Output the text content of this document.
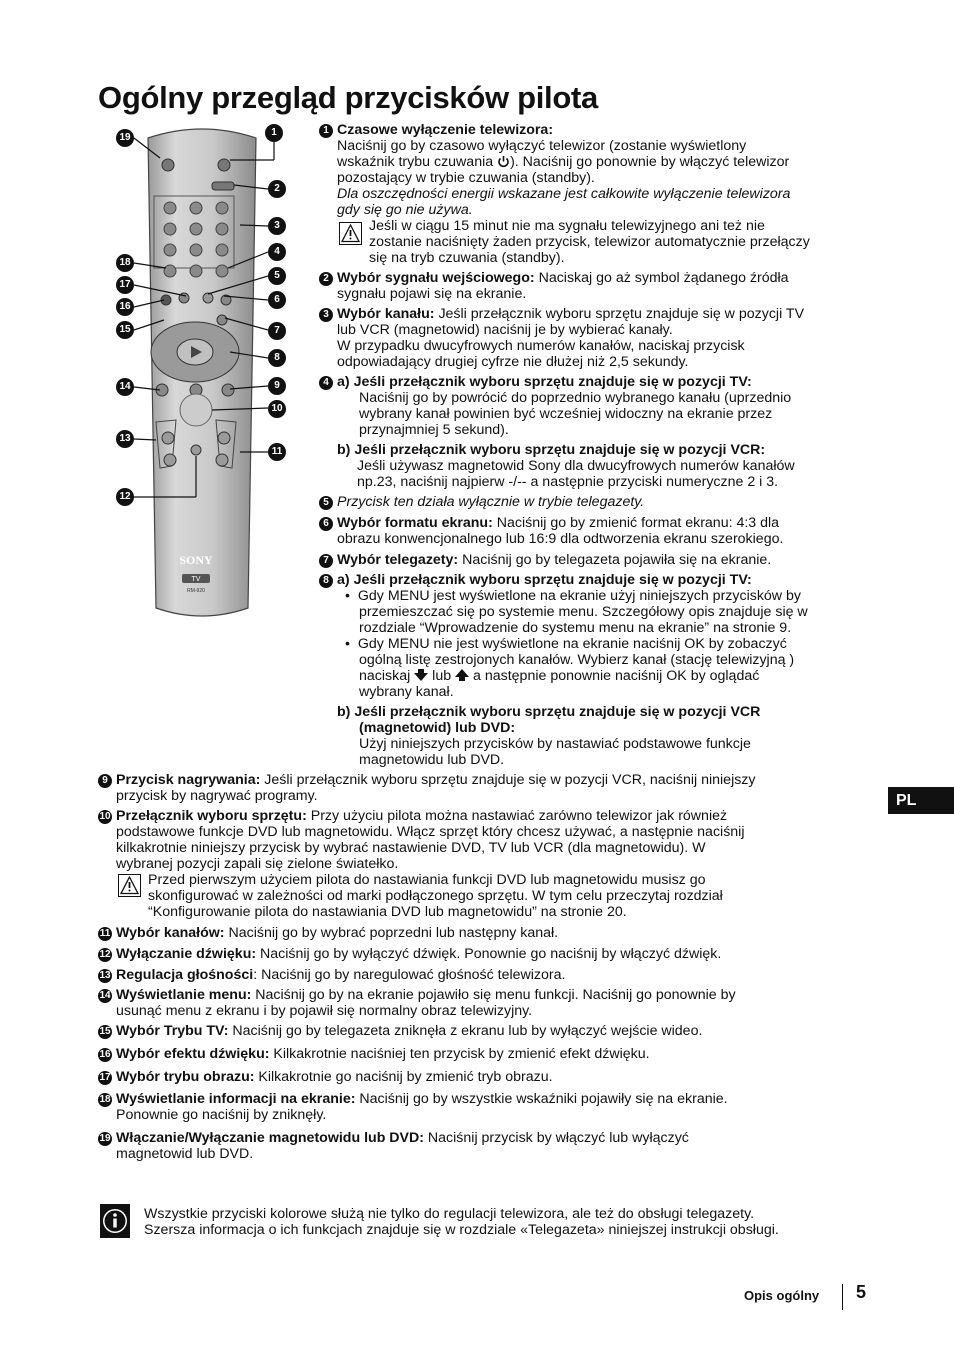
Ogólny przegląd przycisków pilota
SONY
TV
RM-920
19
18
17
16
15
14
13
12
1
2
3
4
5
6
7
8
9
10
11
1 Czasowe wyłączenie telewizora:
Naciśnij go by czasowo wyłączyć telewizor (zostanie wyświetlony
wskaźnik trybu czuwania ). Naciśnij go ponownie by włączyć telewizor
pozostający w trybie czuwania (standby).
Dla oszczędności energii wskazane jest całkowite wyłączenie telewizora
gdy się go nie używa.
Jeśli w ciągu 15 minut nie ma sygnału telewizyjnego ani też nie
zostanie naciśnięty żaden przycisk, telewizor automatycznie przełączy
się na tryb czuwania (standby).
2 Wybór sygnału wejściowego: Naciskaj go aż symbol żądanego źródła
sygnału pojawi się na ekranie.
3 Wybór kanału: Jeśli przełącznik wyboru sprzętu znajduje się w pozycji TV
lub VCR (magnetowid) naciśnij je by wybierać kanały.
W przypadku dwucyfrowych numerów kanałów, naciskaj przycisk
odpowiadający drugiej cyfrze nie dłużej niż 2,5 sekundy.
4 a) Jeśli przełącznik wyboru sprzętu znajduje się w pozycji TV:
Naciśnij go by powrócić do poprzednio wybranego kanału (uprzednio
wybrany kanał powinien być wcześniej widoczny na ekranie przez
przynajmniej 5 sekund).
b) Jeśli przełącznik wyboru sprzętu znajduje się w pozycji VCR:
Jeśli używasz magnetowid Sony dla dwucyfrowych numerów kanałów
np.23, naciśnij najpierw -/-- a następnie przyciski numeryczne 2 i 3.
5 Przycisk ten działa wyłącznie w trybie telegazety.
6 Wybór formatu ekranu: Naciśnij go by zmienić format ekranu: 4:3 dla
obrazu konwencjonalnego lub 16:9 dla odtworzenia ekranu szerokiego.
7 Wybór telegazety: Naciśnij go by telegazeta pojawiła się na ekranie.
8 a) Jeśli przełącznik wyboru sprzętu znajduje się w pozycji TV:
•  Gdy MENU jest wyświetlone na ekranie użyj niniejszych przycisków by
przemieszczać się po systemie menu. Szczegółowy opis znajduje się w
rozdziale “Wprowadzenie do systemu menu na ekranie” na stronie 9.
•  Gdy MENU nie jest wyświetlone na ekranie naciśnij OK by zobaczyć
ogólną listę zestrojonych kanałów. Wybierz kanał (stację telewizyjną )
naciskaj lub a następnie ponownie naciśnij OK by oglądać
wybrany kanał.
b) Jeśli przełącznik wyboru sprzętu znajduje się w pozycji VCR
(magnetowid) lub DVD:
Użyj niniejszych przycisków by nastawiać podstawowe funkcje
magnetowidu lub DVD.
9 Przycisk nagrywania: Jeśli przełącznik wyboru sprzętu znajduje się w pozycji VCR, naciśnij niniejszy
przycisk by nagrywać programy.
10 Przełącznik wyboru sprzętu: Przy użyciu pilota można nastawiać zarówno telewizor jak również
podstawowe funkcje DVD lub magnetowidu. Włącz sprzęt który chcesz używać, a następnie naciśnij
kilkakrotnie niniejszy przycisk by wybrać nastawienie DVD, TV lub VCR (dla magnetowidu). W
wybranej pozycji zapali się zielone światełko.
Przed pierwszym użyciem pilota do nastawiania funkcji DVD lub magnetowidu musisz go
skonfigurować w zależności od marki podłączonego sprzętu. W tym celu przeczytaj rozdział
“Konfigurowanie pilota do nastawiania DVD lub magnetowidu” na stronie 20.
11 Wybór kanałów: Naciśnij go by wybrać poprzedni lub następny kanał.
12 Wyłączanie dźwięku: Naciśnij go by wyłączyć dźwięk. Ponownie go naciśnij by włączyć dźwięk.
13 Regulacja głośności: Naciśnij go by naregulować głośność telewizora.
14 Wyświetlanie menu: Naciśnij go by na ekranie pojawiło się menu funkcji. Naciśnij go ponownie by
usunąć menu z ekranu i by pojawił się normalny obraz telewizyjny.
15 Wybór Trybu TV: Naciśnij go by telegazeta zniknęła z ekranu lub by wyłączyć wejście wideo.
16 Wybór efektu dźwięku: Kilkakrotnie naciśniej ten przycisk by zmienić efekt dźwięku.
17 Wybór trybu obrazu: Kilkakrotnie go naciśnij by zmienić tryb obrazu.
18 Wyświetlanie informacji na ekranie: Naciśnij go by wszystkie wskaźniki pojawiły się na ekranie.
Ponownie go naciśnij by zniknęły.
19 Włączanie/Wyłączanie magnetowidu lub DVD: Naciśnij przycisk by włączyć lub wyłączyć
magnetowid lub DVD.
Wszystkie przyciski kolorowe służą nie tylko do regulacji telewizora, ale też do obsługi telegazety.
Szersza informacja o ich funkcjach znajduje się w rozdziale «Telegazeta» niniejszej instrukcji obsługi.
PL
Opis ogólny 5
